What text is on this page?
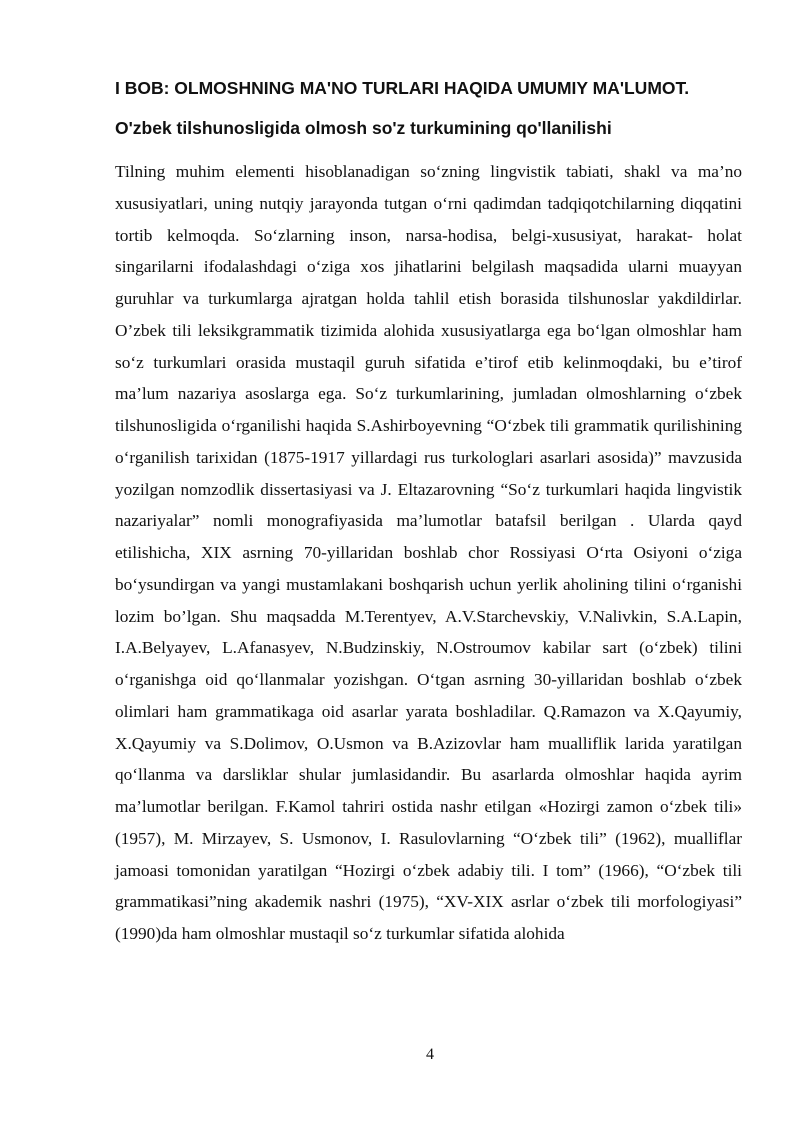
I BOB: OLMOSHNING MA'NO TURLARI HAQIDA UMUMIY MA'LUMOT.
O'zbek tilshunosligida olmosh so'z turkumining qo'llanilishi

Tilning muhim elementi hisoblanadigan so‘zning lingvistik tabiati, shakl va ma’no xususiyatlari, uning nutqiy jarayonda tutgan o‘rni qadimdan tadqiqotchilarning diqqatini tortib kelmoqda. So‘zlarning inson, narsa-hodisa, belgi-xususiyat, harakat- holat singarilarni ifodalashdagi o‘ziga xos jihatlarini belgilash maqsadida ularni muayyan guruhlar va turkumlarga ajratgan holda tahlil etish borasida tilshunoslar yakdildirlar. O’zbek tili leksikgrammatik tizimida alohida xususiyatlarga ega bo‘lgan olmoshlar ham so‘z turkumlari orasida mustaqil guruh sifatida e’tirof etib kelinmoqdaki, bu e’tirof ma’lum nazariya asoslarga ega. So‘z turkumlarining, jumladan olmoshlarning o‘zbek tilshunosligida o‘rganilishi haqida S.Ashirboyevning “O‘zbek tili grammatik qurilishining o‘rganilish tarixidan (1875-1917 yillardagi rus turkologlari asarlari asosida)” mavzusida yozilgan nomzodlik dissertasiyasi va J. Eltazarovning “So‘z turkumlari haqida lingvistik nazariyalar” nomli monografiyasida ma’lumotlar batafsil berilgan . Ularda qayd etilishicha, XIX asrning 70-yillaridan boshlab chor Rossiyasi O‘rta Osiyoni o‘ziga bo‘ysundirgan va yangi mustamlakani boshqarish uchun yerlik aholining tilini o‘rganishi lozim bo’lgan. Shu maqsadda M.Terentyev, A.V.Starchevskiy, V.Nalivkin, S.A.Lapin, I.A.Belyayev, L.Afanasyev, N.Budzinskiy, N.Ostroumov kabilar sart (o‘zbek) tilini o‘rganishga oid qo‘llanmalar yozishgan. O‘tgan asrning 30-yillaridan boshlab o‘zbek olimlari ham grammatikaga oid asarlar yarata boshladilar. Q.Ramazon va X.Qayumiy, X.Qayumiy va S.Dolimov, O.Usmon va B.Azizovlar ham mualliflik larida yaratilgan qo‘llanma va darsliklar shular jumlasidandir. Bu asarlarda olmoshlar haqida ayrim ma’lumotlar berilgan. F.Kamol tahriri ostida nashr etilgan «Hozirgi zamon o‘zbek tili» (1957), M. Mirzayev, S. Usmonov, I. Rasulovlarning “O‘zbek tili” (1962), mualliflar jamoasi tomonidan yaratilgan “Hozirgi o‘zbek adabiy tili. I tom” (1966), “O‘zbek tili grammatikasi”ning akademik nashri (1975), “XV-XIX asrlar o‘zbek tili morfologiyasi” (1990)da ham olmoshlar mustaqil so‘z turkumlar sifatida alohida

4
